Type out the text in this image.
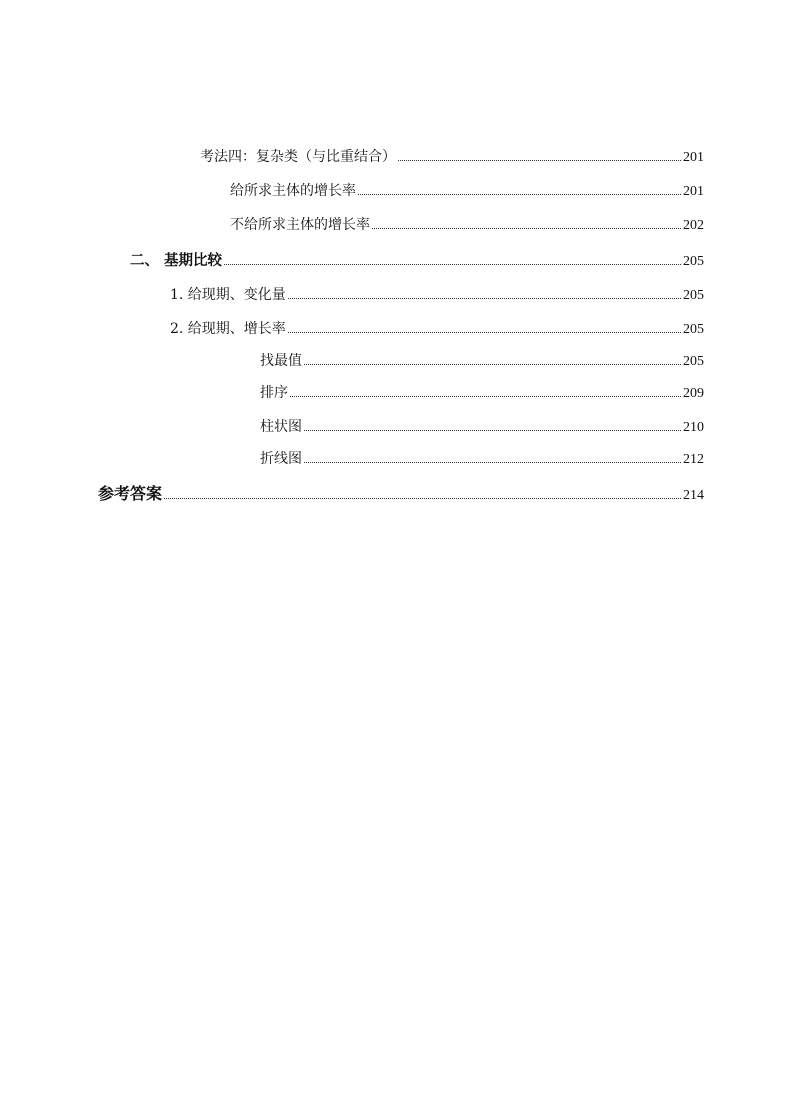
考法四：复杂类（与比重结合）	201
给所求主体的增长率	201
不给所求主体的增长率	202
二、 基期比较	205
1. 给现期、变化量	205
2. 给现期、增长率	205
找最值	205
排序	209
柱状图	210
折线图	212
参考答案	214
